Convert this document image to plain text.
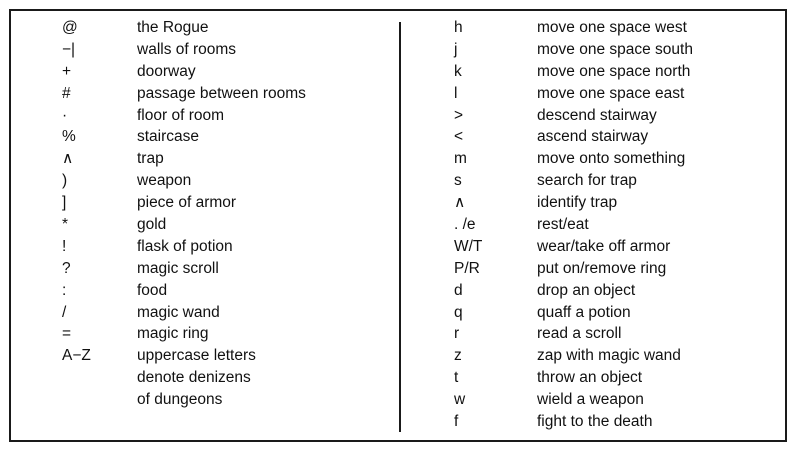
@	the Rogue
−|	walls of rooms
+	doorway
#	passage between rooms
·	floor of room
%	staircase
∧	trap
)	weapon
]	piece of armor
*	gold
!	flask of potion
?	magic scroll
:	food
/	magic wand
=	magic ring
A−Z	uppercase letters
denote denizens
of dungeons
h	move one space west
j	move one space south
k	move one space north
l	move one space east
>	descend stairway
<	ascend stairway
m	move onto something
s	search for trap
∧	identify trap
. /e	rest/eat
W/T	wear/take off armor
P/R	put on/remove ring
d	drop an object
q	quaff a potion
r	read a scroll
z	zap with magic wand
t	throw an object
w	wield a weapon
f	fight to the death
